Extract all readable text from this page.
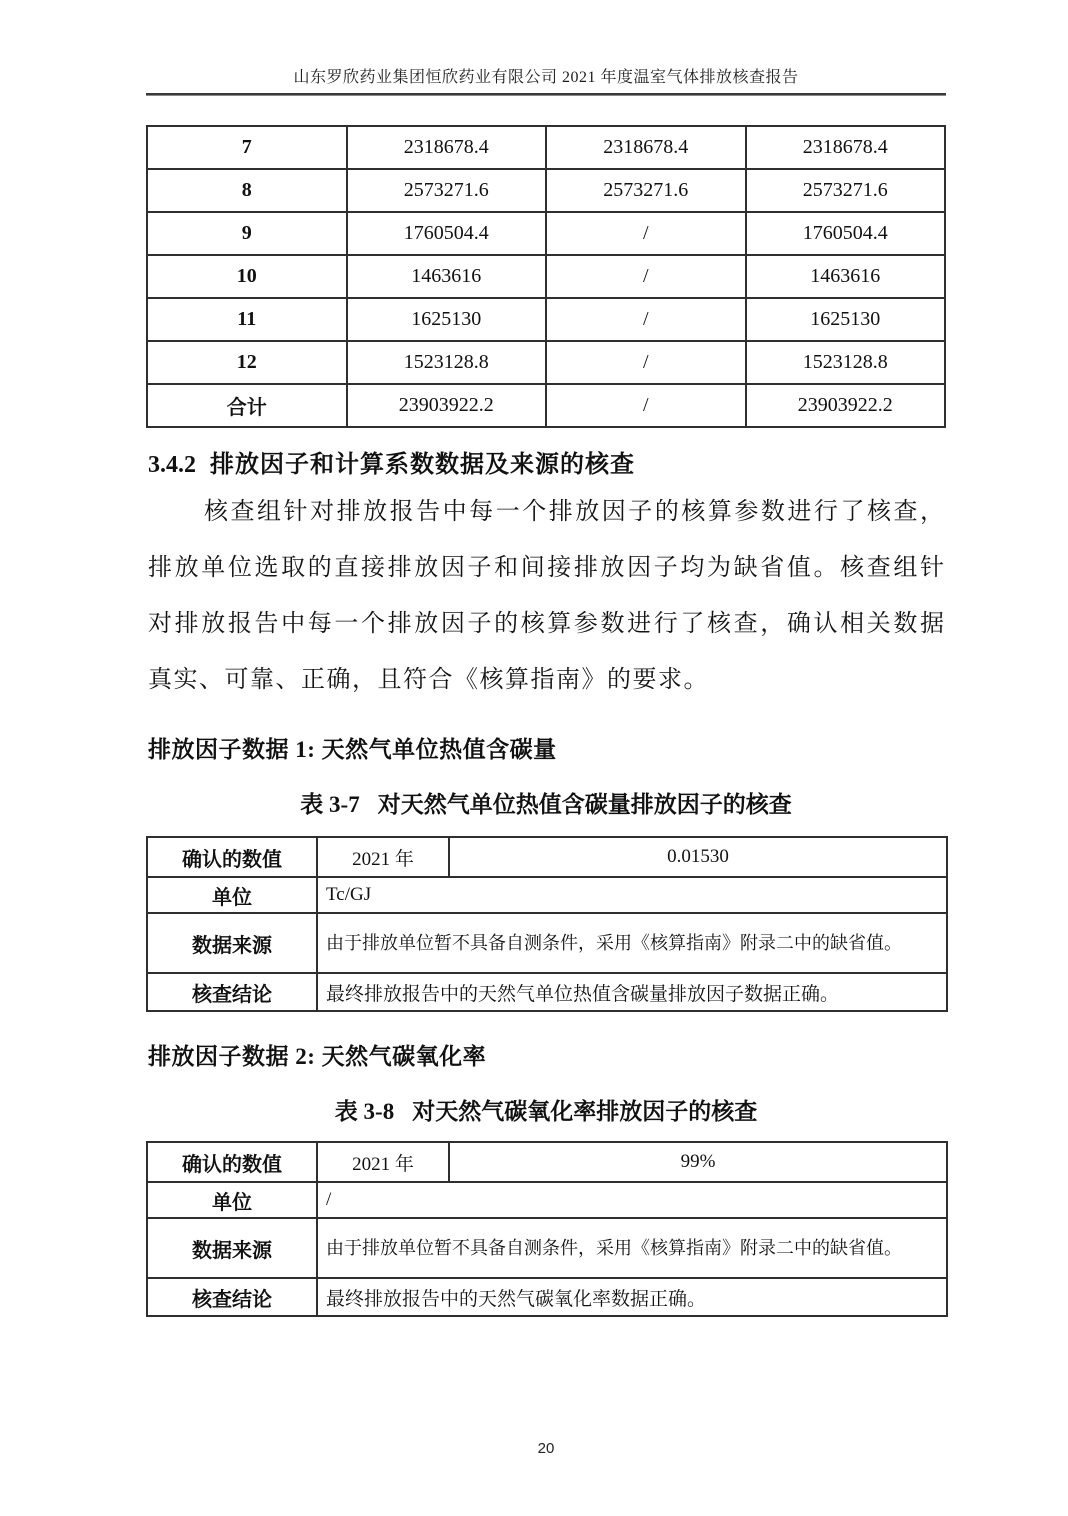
山东罗欣药业集团恒欣药业有限公司 2021 年度温室气体排放核查报告
7	2318678.4	2318678.4	2318678.4
8	2573271.6	2573271.6	2573271.6
9	1760504.4	/	1760504.4
10	1463616	/	1463616
11	1625130	/	1625130
12	1523128.8	/	1523128.8
合计	23903922.2	/	23903922.2
3.4.2 排放因子和计算系数数据及来源的核查
核查组针对排放报告中每一个排放因子的核算参数进行了核查，
排放单位选取的直接排放因子和间接排放因子均为缺省值。核查组针
对排放报告中每一个排放因子的核算参数进行了核查，确认相关数据
真实、可靠、正确，且符合《核算指南》的要求。
排放因子数据 1: 天然气单位热值含碳量
表 3-7 对天然气单位热值含碳量排放因子的核查
确认的数值	2021 年	0.01530
单位	Tc/GJ	
数据来源	由于排放单位暂不具备自测条件，采用《核算指南》附录二中的缺省值。	
核查结论	最终排放报告中的天然气单位热值含碳量排放因子数据正确。	
排放因子数据 2: 天然气碳氧化率
表 3-8 对天然气碳氧化率排放因子的核查
确认的数值	2021 年	99%
单位	/	
数据来源	由于排放单位暂不具备自测条件，采用《核算指南》附录二中的缺省值。	
核查结论	最终排放报告中的天然气碳氧化率数据正确。	
20
